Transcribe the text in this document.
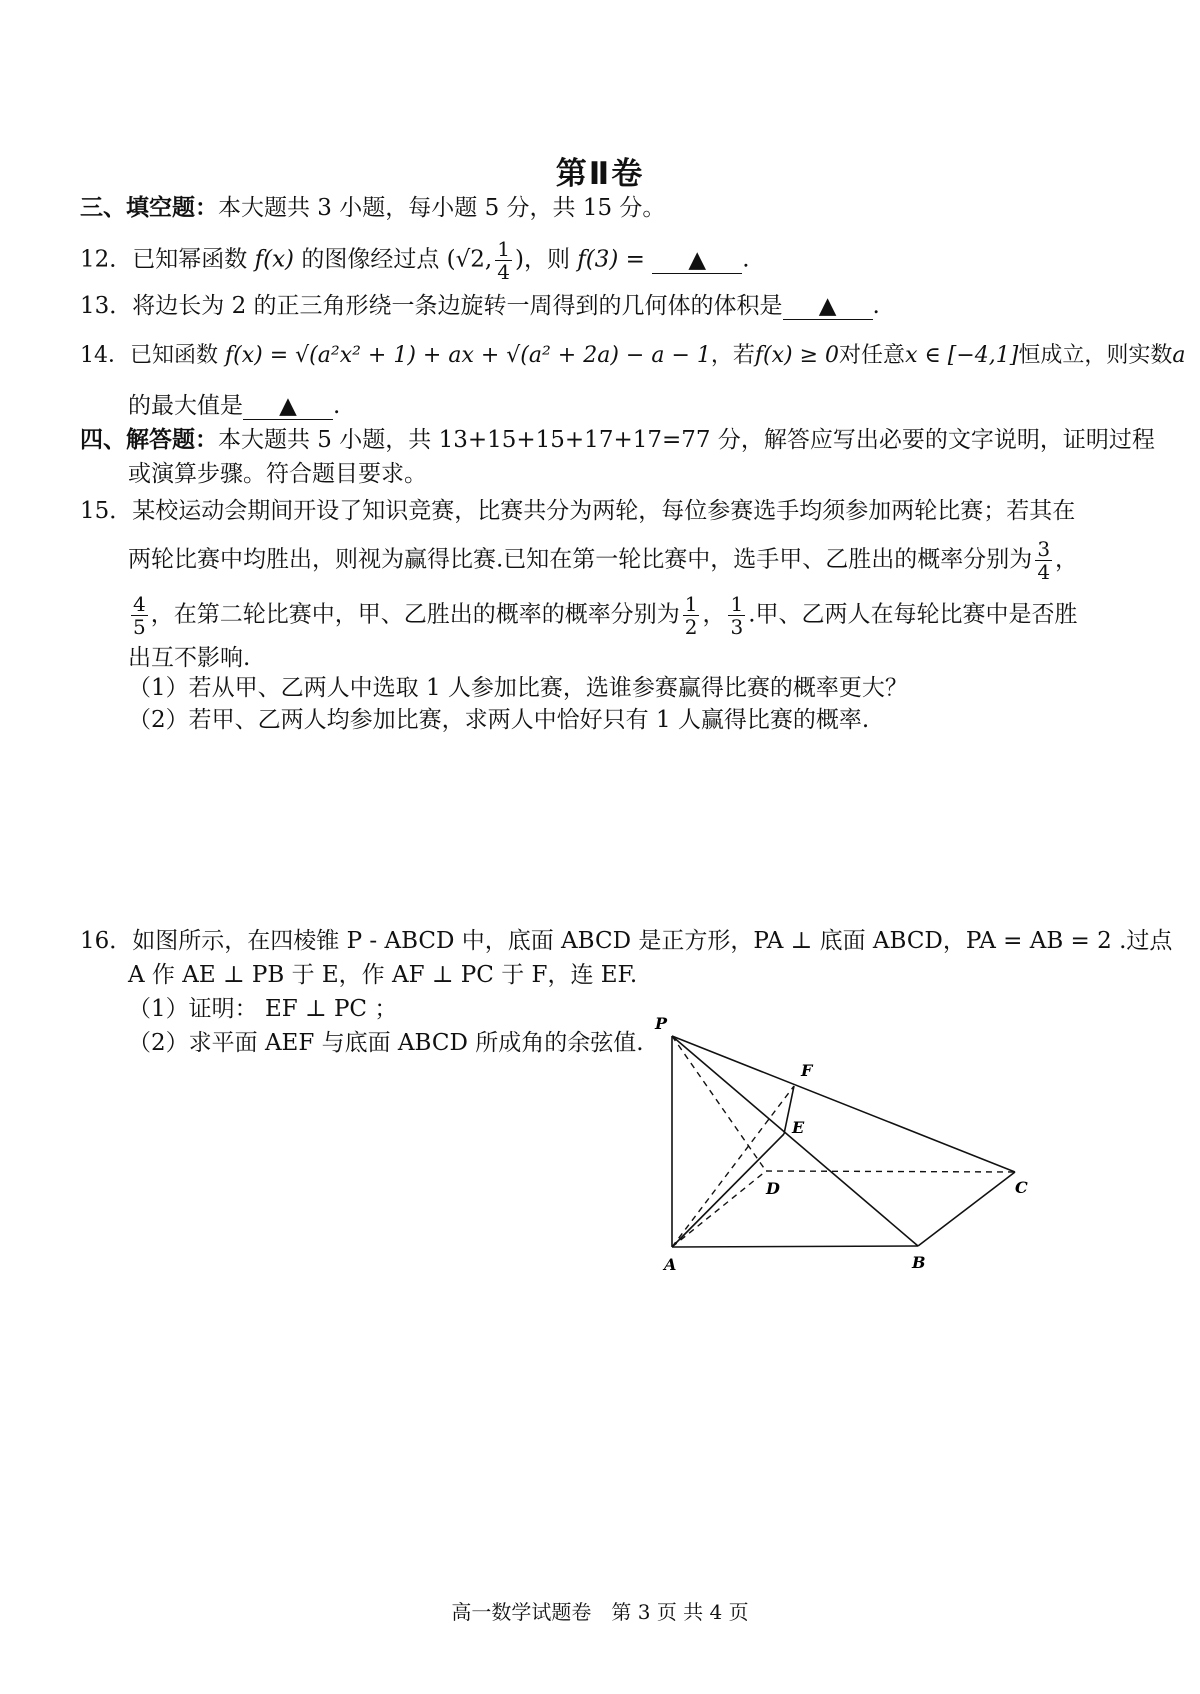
第Ⅱ卷
三、填空题：本大题共 3 小题，每小题 5 分，共 15 分。
12．已知幂函数 f(x) 的图像经过点 (√2, $\frac{1}{4}$ )，则 f(3) = ▲ .
13．将边长为 2 的正三角形绕一条边旋转一周得到的几何体的体积是 ▲ .
14．已知函数 f(x) = √(a²x² + 1) + ax + √(a² + 2a) − a − 1，若f(x) ≥ 0对任意x ∈ [−4,1]恒成立，则实数a
的最大值是 ▲ .
四、解答题：本大题共 5 小题，共 13+15+15+17+17=77 分，解答应写出必要的文字说明，证明过程
或演算步骤。符合题目要求。
15．某校运动会期间开设了知识竞赛，比赛共分为两轮，每位参赛选手均须参加两轮比赛；若其在
两轮比赛中均胜出，则视为赢得比赛.已知在第一轮比赛中，选手甲、乙胜出的概率分别为 $\frac{3}{4}$ ，
$\frac{4}{5}$ ，在第二轮比赛中，甲、乙胜出的概率的概率分别为 $\frac{1}{2}$ ， $\frac{1}{3}$ .甲、乙两人在每轮比赛中是否胜
出互不影响.
（1）若从甲、乙两人中选取 1 人参加比赛，选谁参赛赢得比赛的概率更大？
（2）若甲、乙两人均参加比赛，求两人中恰好只有 1 人赢得比赛的概率.
16．如图所示，在四棱锥 P - ABCD 中，底面 ABCD 是正方形，PA ⊥ 底面 ABCD，PA = AB = 2 .过点
A 作 AE ⊥ PB 于 E，作 AF ⊥ PC 于 F，连 EF.
（1）证明： EF ⊥ PC ；
（2）求平面 AEF 与底面 ABCD 所成角的余弦值.
P
A	B
C
D
E
F
高一数学试题卷　第 3 页 共 4 页
